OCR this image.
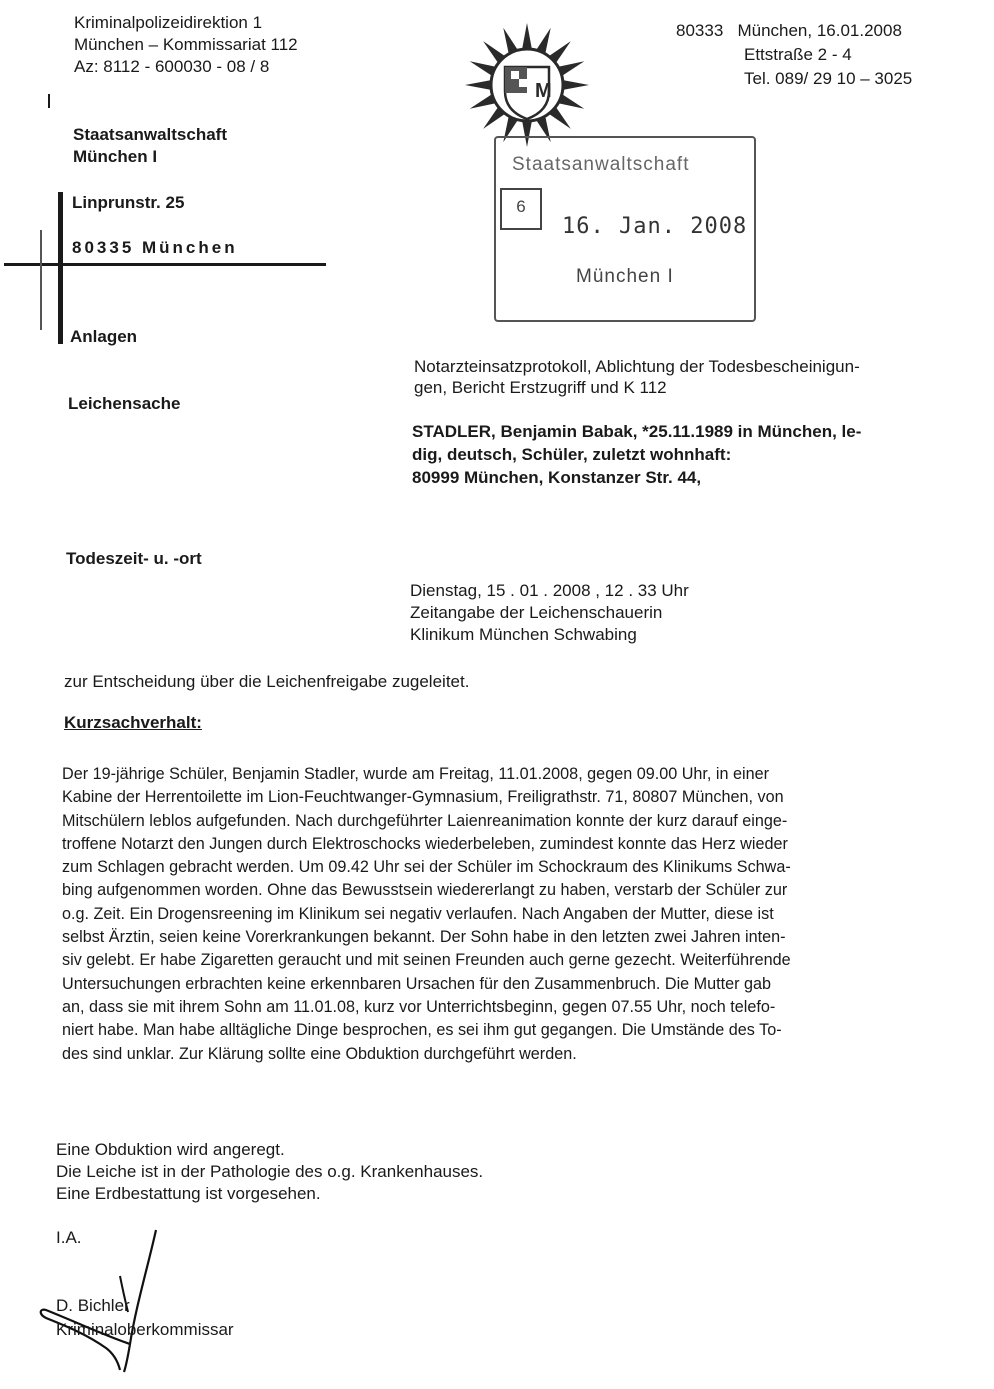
Kriminalpolizeidirektion 1
München – Kommissariat 112
Az: 8112 - 600030 - 08 / 8
M
80333 München, 16.01.2008
Ettstraße 2 - 4
Tel. 089/ 29 10 – 3025
Staatsanwaltschaft
München I
Linprunstr. 25
80335 München
Staatsanwaltschaft
6
16. Jan. 2008
München I
Anlagen
Leichensache
Todeszeit- u. -ort
Notarzteinsatzprotokoll, Ablichtung der Todesbescheinigun-
gen, Bericht Erstzugriff und K 112
STADLER, Benjamin Babak, *25.11.1989 in München, le-
dig, deutsch, Schüler, zuletzt wohnhaft:
80999 München, Konstanzer Str. 44,
Dienstag, 15 . 01 . 2008 , 12 . 33 Uhr
Zeitangabe der Leichenschauerin
Klinikum München Schwabing
zur Entscheidung über die Leichenfreigabe zugeleitet.
Kurzsachverhalt:
Der 19-jährige Schüler, Benjamin Stadler, wurde am Freitag, 11.01.2008, gegen 09.00 Uhr, in einer
Kabine der Herrentoilette im Lion-Feuchtwanger-Gymnasium, Freiligrathstr. 71, 80807 München, von
Mitschülern leblos aufgefunden. Nach durchgeführter Laienreanimation konnte der kurz darauf einge-
troffene Notarzt den Jungen durch Elektroschocks wiederbeleben, zumindest konnte das Herz wieder
zum Schlagen gebracht werden. Um 09.42 Uhr sei der Schüler im Schockraum des Klinikums Schwa-
bing aufgenommen worden. Ohne das Bewusstsein wiedererlangt zu haben, verstarb der Schüler zur
o.g. Zeit. Ein Drogensreening im Klinikum sei negativ verlaufen. Nach Angaben der Mutter, diese ist
selbst Ärztin, seien keine Vorerkrankungen bekannt. Der Sohn habe in den letzten zwei Jahren inten-
siv gelebt. Er habe Zigaretten geraucht und mit seinen Freunden auch gerne gezecht. Weiterführende
Untersuchungen erbrachten keine erkennbaren Ursachen für den Zusammenbruch. Die Mutter gab
an, dass sie mit ihrem Sohn am 11.01.08, kurz vor Unterrichtsbeginn, gegen 07.55 Uhr, noch telefo-
niert habe. Man habe alltägliche Dinge besprochen, es sei ihm gut gegangen. Die Umstände des To-
des sind unklar. Zur Klärung sollte eine Obduktion durchgeführt werden.
Eine Obduktion wird angeregt.
Die Leiche ist in der Pathologie des o.g. Krankenhauses.
Eine Erdbestattung ist vorgesehen.
I.A.
D. Bichler
Kriminaloberkommissar
